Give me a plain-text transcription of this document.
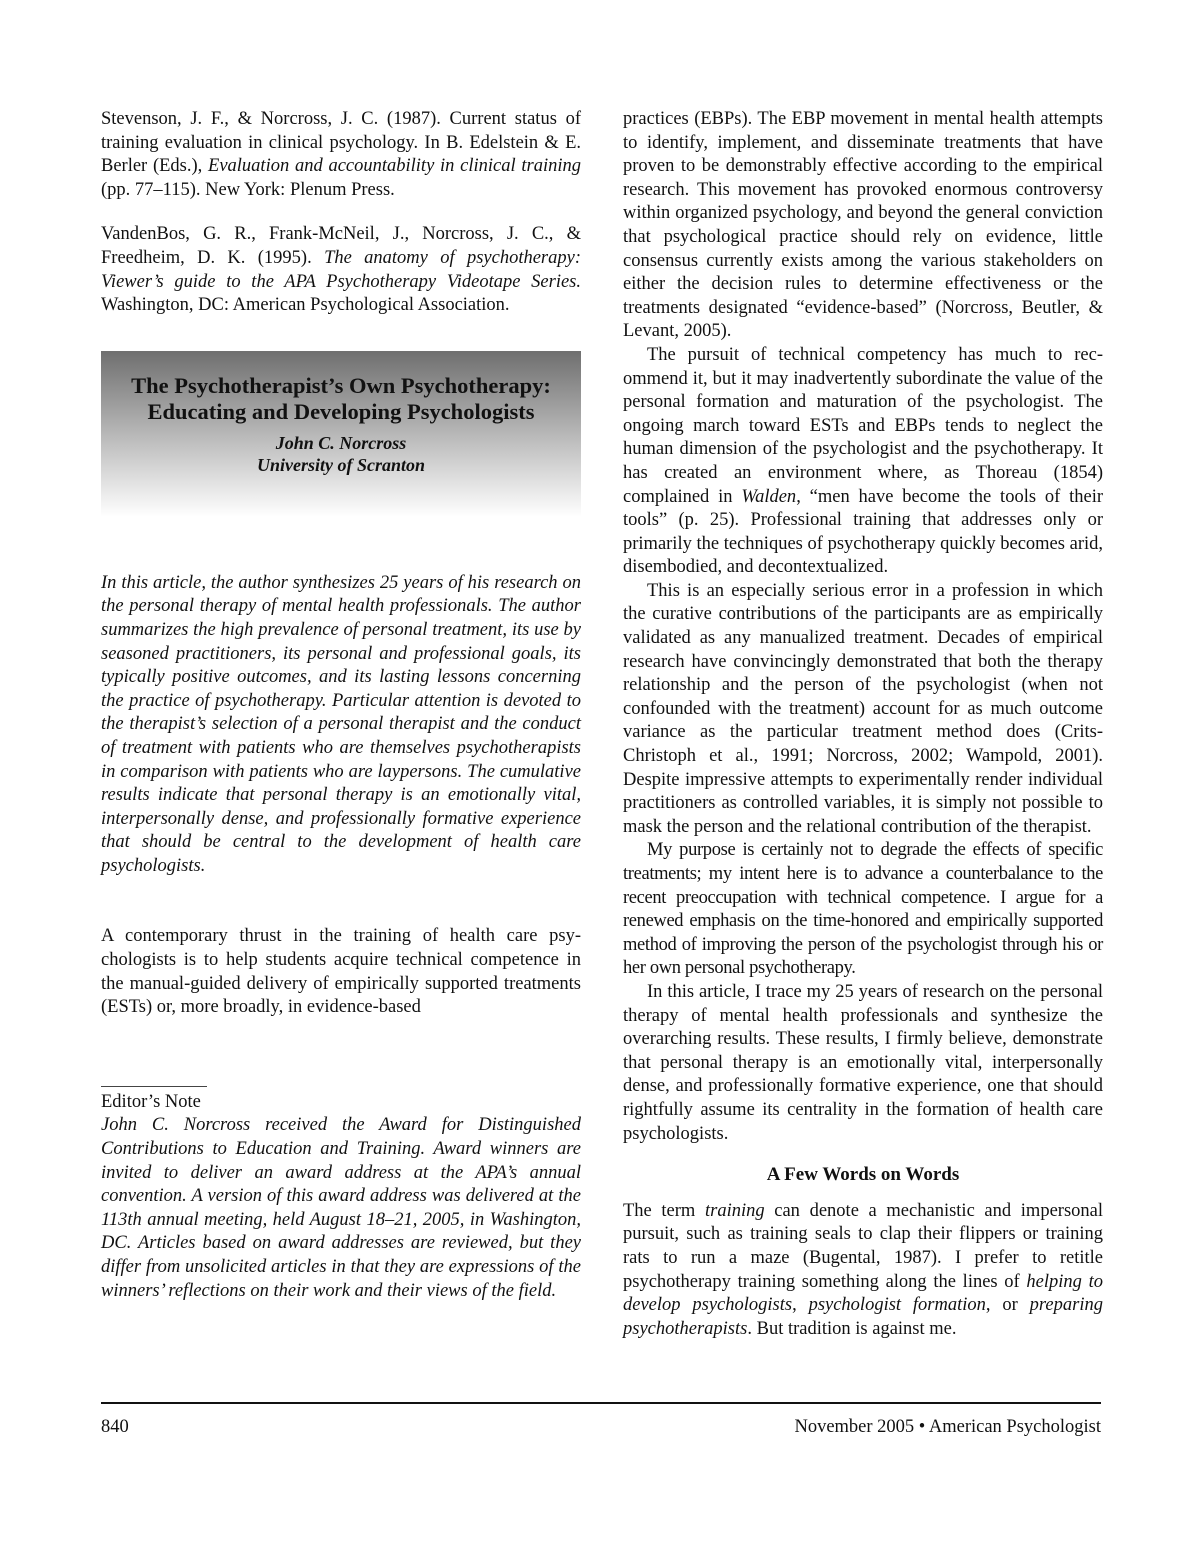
Stevenson, J. F., & Norcross, J. C. (1987). Current status of training evaluation in clinical psychology. In B. Edelstein & E. Berler (Eds.), Evaluation and accountability in clinical training (pp. 77–115). New York: Plenum Press.

VandenBos, G. R., Frank-McNeil, J., Norcross, J. C., & Freedheim, D. K. (1995). The anatomy of psychotherapy: Viewer’s guide to the APA Psychotherapy Videotape Series. Washington, DC: American Psychological Association.

The Psychotherapist’s Own Psychotherapy: Educating and Developing Psychologists
John C. Norcross
University of Scranton

In this article, the author synthesizes 25 years of his research on the personal therapy of mental health professionals. The author summarizes the high prevalence of personal treatment, its use by seasoned practitioners, its personal and professional goals, its typically positive outcomes, and its lasting lessons concerning the practice of psychotherapy. Particular attention is devoted to the therapist’s selection of a personal therapist and the conduct of treatment with patients who are themselves psychotherapists in comparison with patients who are laypersons. The cumulative results indicate that personal therapy is an emotionally vital, interpersonally dense, and professionally formative experience that should be central to the development of health care psychologists.

A contemporary thrust in the training of health care psychologists is to help students acquire technical competence in the manual-guided delivery of empirically supported treatments (ESTs) or, more broadly, in evidence-based

Editor’s Note

John C. Norcross received the Award for Distinguished Contributions to Education and Training. Award winners are invited to deliver an award address at the APA’s annual convention. A version of this award address was delivered at the 113th annual meeting, held August 18–21, 2005, in Washington, DC. Articles based on award addresses are reviewed, but they differ from unsolicited articles in that they are expressions of the winners’ reflections on their work and their views of the field.

practices (EBPs). The EBP movement in mental health attempts to identify, implement, and disseminate treatments that have proven to be demonstrably effective according to the empirical research. This movement has provoked enormous controversy within organized psychology, and beyond the general conviction that psychological practice should rely on evidence, little consensus currently exists among the various stakeholders on either the decision rules to determine effectiveness or the treatments designated “evidence-based” (Norcross, Beutler, & Levant, 2005).

The pursuit of technical competency has much to recommend it, but it may inadvertently subordinate the value of the personal formation and maturation of the psychologist. The ongoing march toward ESTs and EBPs tends to neglect the human dimension of the psychologist and the psychotherapy. It has created an environment where, as Thoreau (1854) complained in Walden, “men have become the tools of their tools” (p. 25). Professional training that addresses only or primarily the techniques of psychotherapy quickly becomes arid, disembodied, and decontextualized.

This is an especially serious error in a profession in which the curative contributions of the participants are as empirically validated as any manualized treatment. Decades of empirical research have convincingly demonstrated that both the therapy relationship and the person of the psychologist (when not confounded with the treatment) account for as much outcome variance as the particular treatment method does (Crits-Christoph et al., 1991; Norcross, 2002; Wampold, 2001). Despite impressive attempts to experimentally render individual practitioners as controlled variables, it is simply not possible to mask the person and the relational contribution of the therapist.

My purpose is certainly not to degrade the effects of specific treatments; my intent here is to advance a counterbalance to the recent preoccupation with technical competence. I argue for a renewed emphasis on the time-honored and empirically supported method of improving the person of the psychologist through his or her own personal psychotherapy.

In this article, I trace my 25 years of research on the personal therapy of mental health professionals and synthesize the overarching results. These results, I firmly believe, demonstrate that personal therapy is an emotionally vital, interpersonally dense, and professionally formative experience, one that should rightfully assume its centrality in the formation of health care psychologists.

A Few Words on Words

The term training can denote a mechanistic and impersonal pursuit, such as training seals to clap their flippers or training rats to run a maze (Bugental, 1987). I prefer to retitle psychotherapy training something along the lines of helping to develop psychologists, psychologist formation, or preparing psychotherapists. But tradition is against me.

840	November 2005 • American Psychologist
